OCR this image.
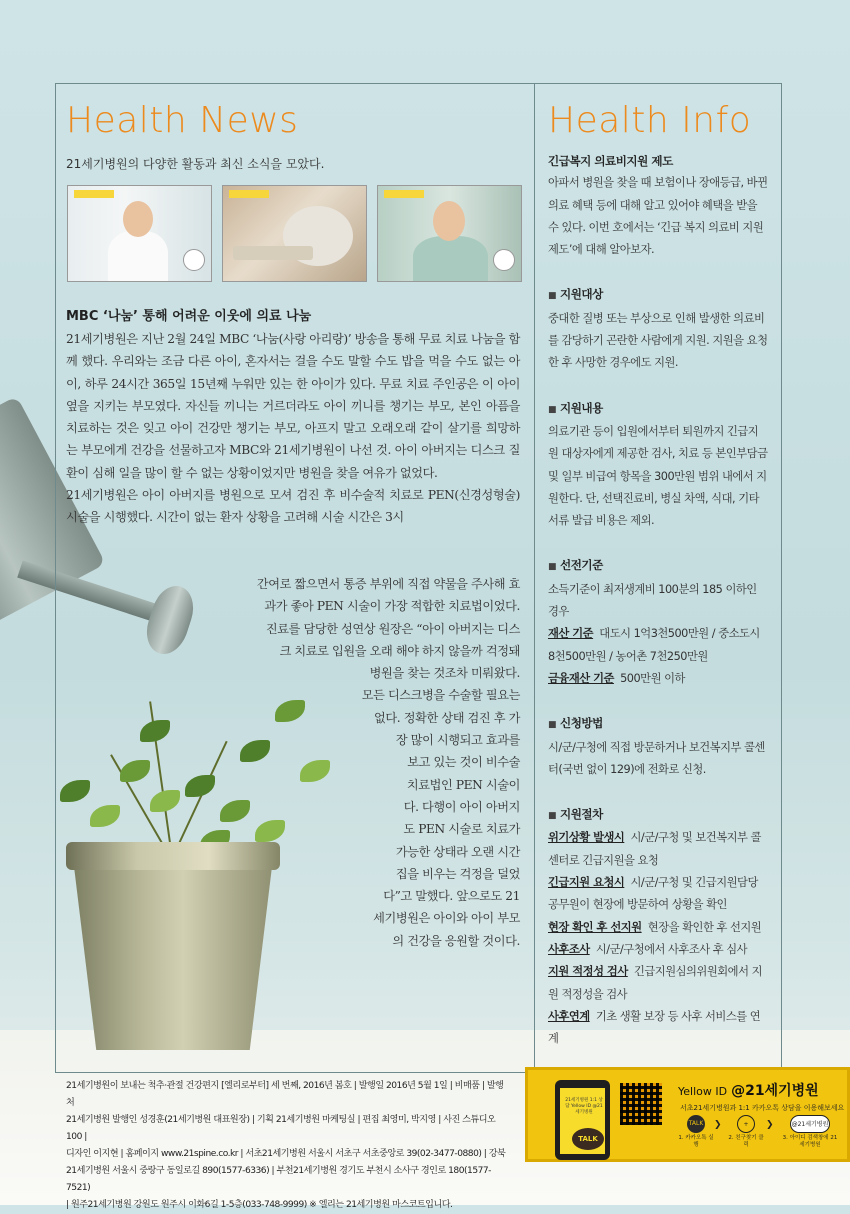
Health News
21세기병원의 다양한 활동과 최신 소식을 모았다.
MBC ‘나눔’ 통해 어려운 이웃에 의료 나눔

21세기병원은 지난 2월 24일 MBC ‘나눔(사랑 아리랑)’ 방송을 통해 무료 치료 나눔을 함께 했다. 우리와는 조금 다른 아이, 혼자서는 걸을 수도 말할 수도 밥을 먹을 수도 없는 아이, 하루 24시간 365일 15년째 누워만 있는 한 아이가 있다. 무료 치료 주인공은 이 아이 옆을 지키는 부모였다. 자신들 끼니는 거르더라도 아이 끼니를 챙기는 부모, 본인 아픔을 치료하는 것은 잊고 아이 건강만 챙기는 부모, 아프지 말고 오래오래 같이 살기를 희망하는 부모에게 건강을 선물하고자 MBC와 21세기병원이 나선 것. 아이 아버지는 디스크 질환이 심해 일을 많이 할 수 없는 상황이었지만 병원을 찾을 여유가 없었다.

21세기병원은 아이 아버지를 병원으로 모셔 검진 후 비수술적 치료로 PEN(신경성형술) 시술을 시행했다. 시간이 없는 환자 상황을 고려해 시술 시간은 3시

간여로 짧으면서 통증 부위에 직접 약물을 주사해 효
과가 좋아 PEN 시술이 가장 적합한 치료법이었다.
진료를 담당한 성연상 원장은 “아이 아버지는 디스
크 치료로 입원을 오래 해야 하지 않을까 걱정돼
병원을 찾는 것조차 미뤄왔다.
모든 디스크병을 수술할 필요는
없다. 정확한 상태 검진 후 가
장 많이 시행되고 효과를
보고 있는 것이 비수술
치료법인 PEN 시술이
다. 다행이 아이 아버지
도 PEN 시술로 치료가
가능한 상태라 오랜 시간
집을 비우는 걱정을 덜었
다”고 말했다. 앞으로도 21
세기병원은 아이와 아이 부모
의 건강을 응원할 것이다.
Health Info
긴급복지 의료비지원 제도
아파서 병원을 찾을 때 보험이나 장애등급, 바뀐 의료 혜택 등에 대해 알고 있어야 혜택을 받을 수 있다. 이번 호에서는 ‘긴급 복지 의료비 지원 제도’에 대해 알아보자.
■ 지원대상
중대한 질병 또는 부상으로 인해 발생한 의료비를 감당하기 곤란한 사람에게 지원. 지원을 요청한 후 사망한 경우에도 지원.
■ 지원내용
의료기관 등이 입원에서부터 퇴원까지 긴급지원 대상자에게 제공한 검사, 치료 등 본인부담금 및 일부 비급여 항목을 300만원 범위 내에서 지원한다. 단, 선택진료비, 병실 차액, 식대, 기타 서류 발급 비용은 제외.
■ 선전기준
소득기준이 최저생계비 100분의 185 이하인 경우
재산 기준 대도시 1억3천500만원 / 중소도시 8천500만원 / 농어촌 7천250만원
금융재산 기준 500만원 이하
■ 신청방법
시/군/구청에 직접 방문하거나 보건복지부 콜센터(국번 없이 129)에 전화로 신청.
■ 지원절차
위기상황 발생시 시/군/구청 및 보건복지부 콜센터로 긴급지원을 요청
긴급지원 요청시 시/군/구청 및 긴급지원담당공무원이 현장에 방문하여 상황을 확인
현장 확인 후 선지원 현장을 확인한 후 선지원
사후조사 시/군/구청에서 사후조사 후 심사
지원 적정성 검사 긴급지원심의위원회에서 지원 적정성을 검사
사후연계 기초 생활 보장 등 사후 서비스를 연계
21세기병원이 보내는 척추·관절 건강편지 [엘리로부터] 세 번째, 2016년 봄호 | 발행일 2016년 5월 1일 | 비매품 | 발행처
21세기병원 발행인 성경훈(21세기병원 대표원장) | 기획 21세기병원 마케팅실 | 편집 최영미, 박지영 | 사진 스튜디오100 |
디자인 이지현 | 홈페이지 www.21spine.co.kr | 서초21세기병원 서울시 서초구 서초중앙로 39(02-3477-0880) | 강북
21세기병원 서울시 중랑구 동일로길 890(1577-6336) | 부천21세기병원 경기도 부천시 소사구 경인로 180(1577-7521)
| 원주21세기병원 강원도 원주시 이화6길 1-5층(033-748-9999) ※ 엘리는 21세기병원 마스코트입니다.
21세기병원 1:1 상담 Yellow ID @21세기병원
TALK
Yellow ID @21세기병원
서초21세기병원과 1:1 카카오톡 상담을 이용해보세요
TALK
1. 카카오톡 실행
❯	+
2. 친구찾기 클릭
❯	@21세기병원
3. 아이디 검색창에 21세기병원
